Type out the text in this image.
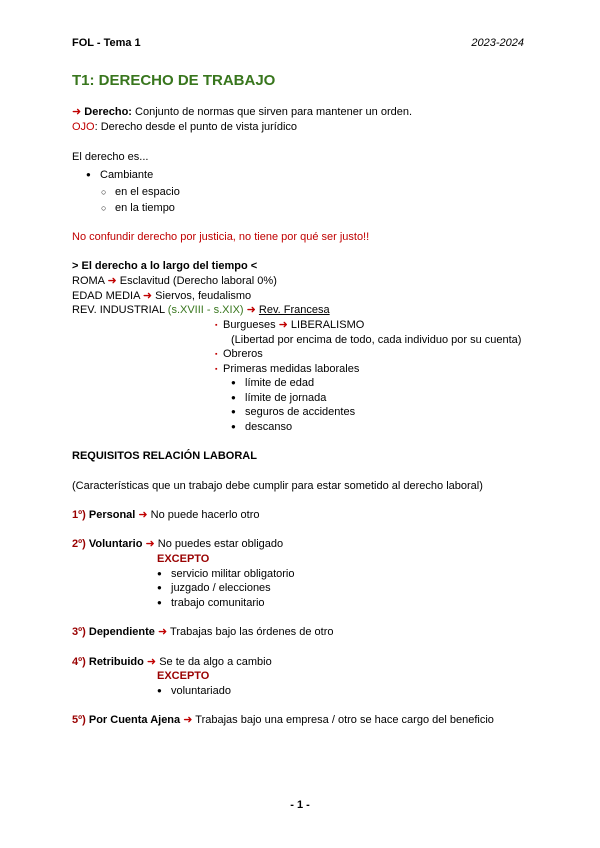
FOL - Tema 1	2023-2024
T1: DERECHO DE TRABAJO
➜ Derecho: Conjunto de normas que sirven para mantener un orden.
OJO: Derecho desde el punto de vista jurídico
El derecho es...
● Cambiante
○ en el espacio
○ en la tiempo
No confundir derecho por justicia, no tiene por qué ser justo!!
> El derecho a lo largo del tiempo <
ROMA ➜ Esclavitud (Derecho laboral 0%)
EDAD MEDIA ➜ Siervos, feudalismo
REV. INDUSTRIAL (s.XVIII - s.XIX) ➜ Rev. Francesa
▪ Burgueses ➜ LIBERALISMO
(Libertad por encima de todo, cada individuo por su cuenta)
▪ Obreros
▪ Primeras medidas laborales
● límite de edad
● límite de jornada
● seguros de accidentes
● descanso
REQUISITOS RELACIÓN LABORAL
(Características que un trabajo debe cumplir para estar sometido al derecho laboral)
1º) Personal ➜ No puede hacerlo otro
2º) Voluntario ➜ No puedes estar obligado
EXCEPTO
● servicio militar obligatorio
● juzgado / elecciones
● trabajo comunitario
3º) Dependiente ➜ Trabajas bajo las órdenes de otro
4º) Retribuido ➜ Se te da algo a cambio
EXCEPTO
● voluntariado
5º) Por Cuenta Ajena ➜ Trabajas bajo una empresa / otro se hace cargo del beneficio
- 1 -
